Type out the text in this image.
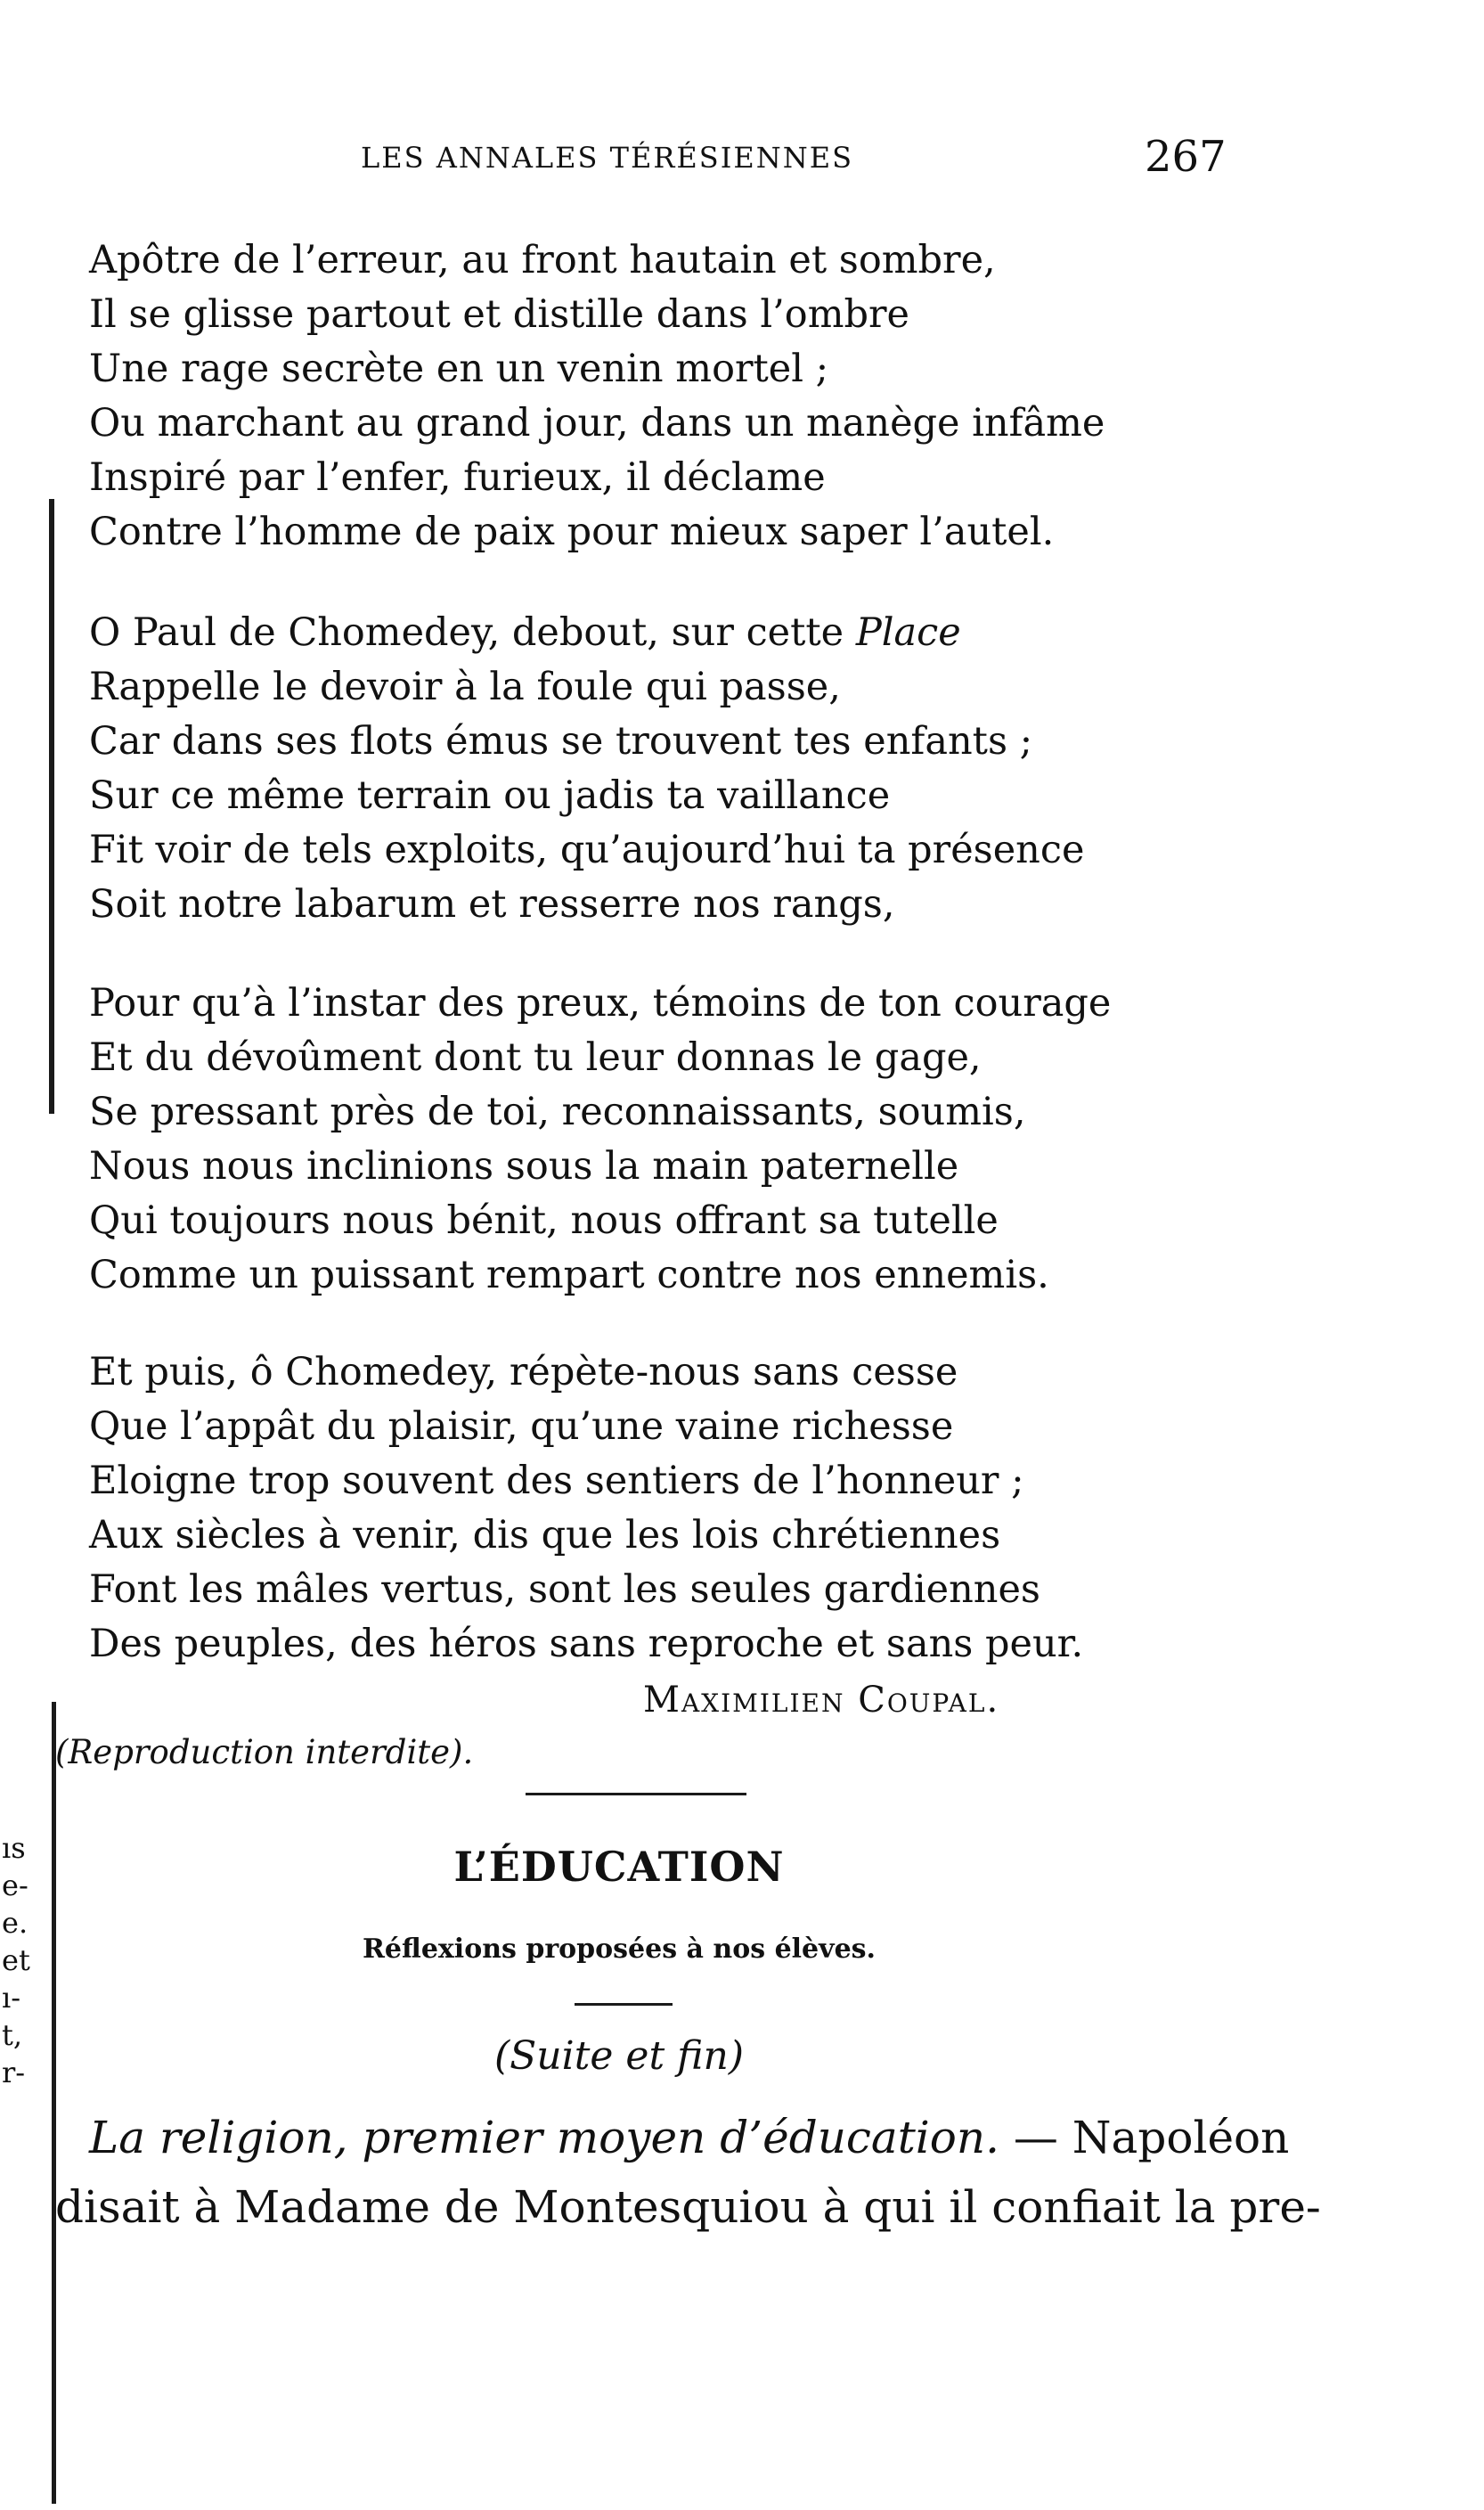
ıs
e-
e.
et
ı-
t,
r-
LES ANNALES TÉRÉSIENNES	267
Apôtre de l’erreur, au front hautain et sombre,
Il se glisse partout et distille dans l’ombre
Une rage secrète en un venin mortel ;
Ou marchant au grand jour, dans un manège infâme
Inspiré par l’enfer, furieux, il déclame
Contre l’homme de paix pour mieux saper l’autel.
O Paul de Chomedey, debout, sur cette Place
Rappelle le devoir à la foule qui passe,
Car dans ses flots émus se trouvent tes enfants ;
Sur ce même terrain ou jadis ta vaillance
Fit voir de tels exploits, qu’aujourd’hui ta présence
Soit notre labarum et resserre nos rangs,
Pour qu’à l’instar des preux, témoins de ton courage
Et du dévoûment dont tu leur donnas le gage,
Se pressant près de toi, reconnaissants, soumis,
Nous nous inclinions sous la main paternelle
Qui toujours nous bénit, nous offrant sa tutelle
Comme un puissant rempart contre nos ennemis.
Et puis, ô Chomedey, répète-nous sans cesse
Que l’appât du plaisir, qu’une vaine richesse
Eloigne trop souvent des sentiers de l’honneur ;
Aux siècles à venir, dis que les lois chrétiennes
Font les mâles vertus, sont les seules gardiennes
Des peuples, des héros sans reproche et sans peur.
Maximilien Coupal.
(Reproduction interdite).
L’ÉDUCATION
Réflexions proposées à nos élèves.
(Suite et fin)
La religion, premier moyen d’éducation. — Napoléon
disait à Madame de Montesquiou à qui il confiait la pre-
